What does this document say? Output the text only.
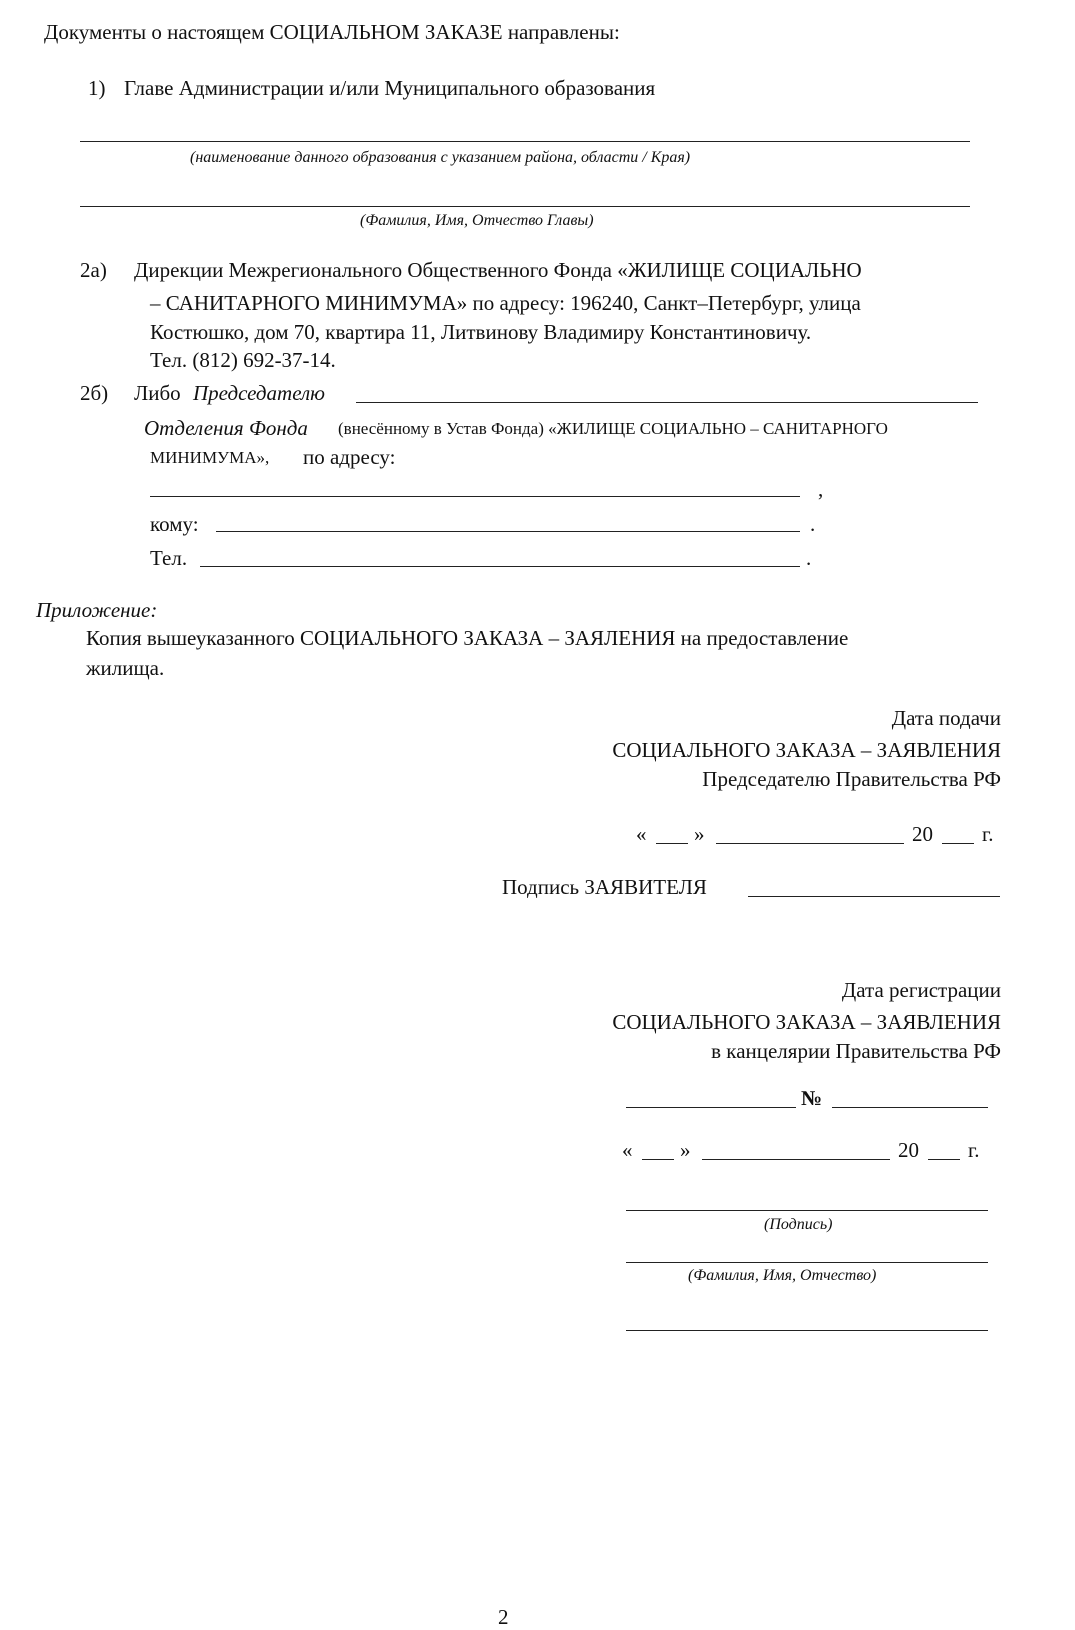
Документы о настоящем СОЦИАЛЬНОМ ЗАКАЗЕ направлены:
1) Главе Администрации и/или Муниципального образования
(наименование данного образования с указанием района, области / Края)
(Фамилия, Имя, Отчество Главы)
2а) Дирекции Межрегионального Общественного Фонда «ЖИЛИЩЕ СОЦИАЛЬНО
– САНИТАРНОГО МИНИМУМА» по адресу: 196240, Санкт–Петербург, улица
Костюшко, дом 70, квартира 11, Литвинову Владимиру Константиновичу.
Тел. (812) 692-37-14.
2б) Либо Председателю
Отделения Фонда (внесённому в Устав Фонда) «ЖИЛИЩЕ СОЦИАЛЬНО – САНИТАРНОГО
МИНИМУМА», по адресу:
,
кому:	.
Тел.	.
Приложение:
Копия вышеуказанного СОЦИАЛЬНОГО ЗАКАЗА – ЗАЯЛЕНИЯ на предоставление
жилища.
Дата подачи
СОЦИАЛЬНОГО ЗАКАЗА – ЗАЯВЛЕНИЯ
Председателю Правительства РФ
« »	20 г.
Подпись ЗАЯВИТЕЛЯ
Дата регистрации
СОЦИАЛЬНОГО ЗАКАЗА – ЗАЯВЛЕНИЯ
в канцелярии Правительства РФ
№
« »	20 г.
(Подпись)
(Фамилия, Имя, Отчество)
2
